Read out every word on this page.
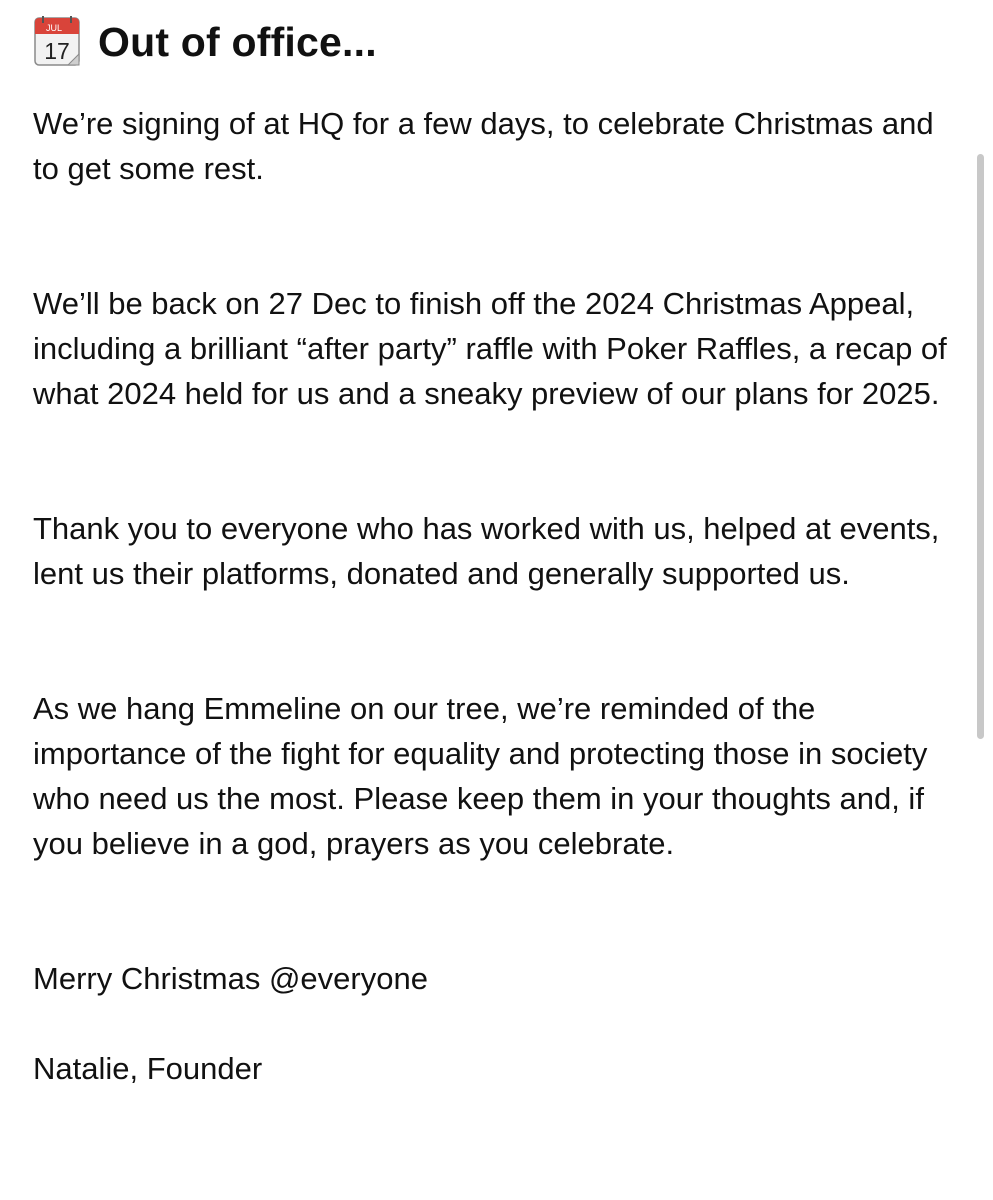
JUL
17 Out of office...

We’re signing of at HQ for a few days, to celebrate Christmas and to get some rest.

We’ll be back on 27 Dec to finish off the 2024 Christmas Appeal, including a brilliant “after party” raffle with Poker Raffles, a recap of what 2024 held for us and a sneaky preview of our plans for 2025.

Thank you to everyone who has worked with us, helped at events, lent us their platforms, donated and generally supported us.

As we hang Emmeline on our tree, we’re reminded of the importance of the fight for equality and protecting those in society who need us the most. Please keep them in your thoughts and, if you believe in a god, prayers as you celebrate.

Merry Christmas @everyone

Natalie, Founder
